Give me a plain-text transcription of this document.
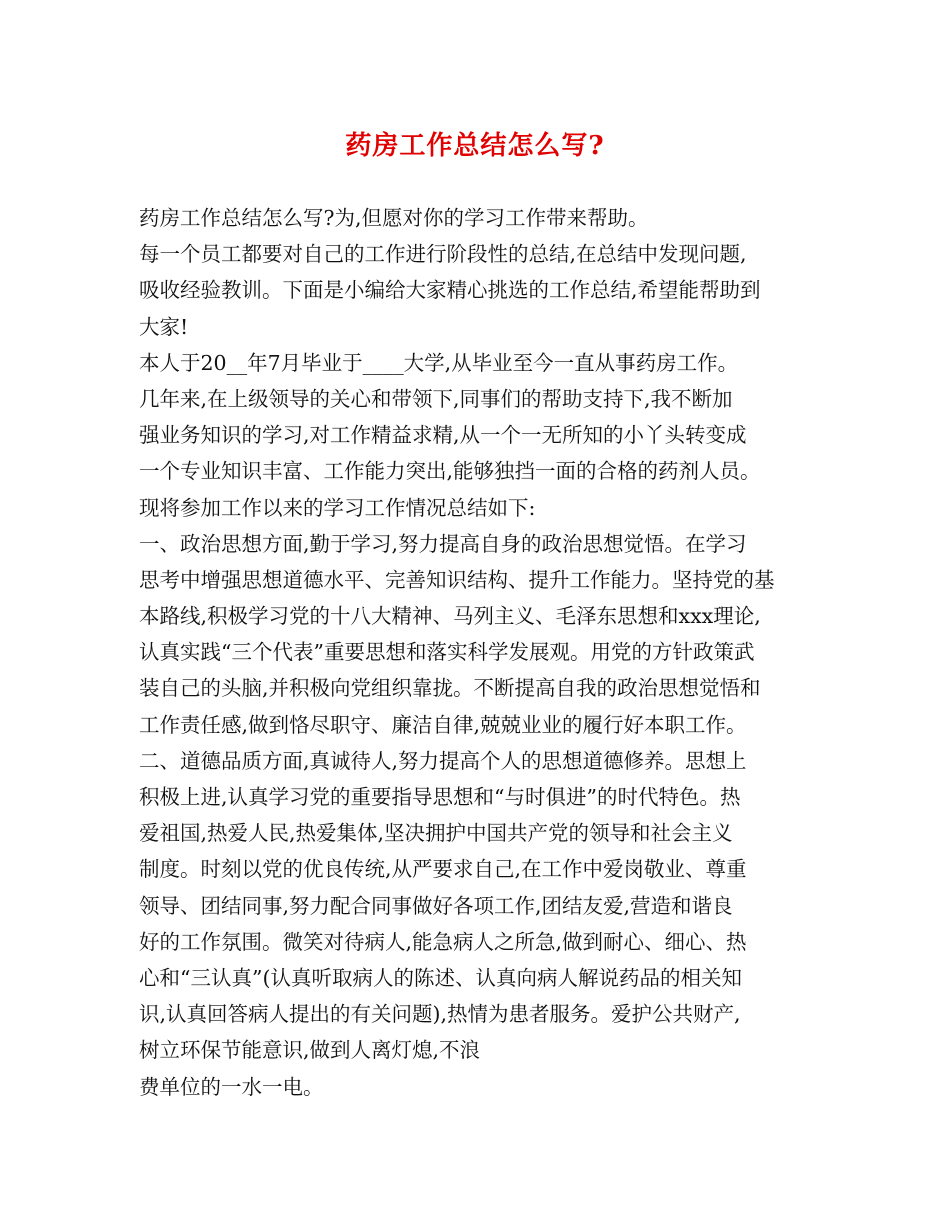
药房工作总结怎么写?
药房工作总结怎么写?为,但愿对你的学习工作带来帮助。
每一个员工都要对自己的工作进行阶段性的总结,在总结中发现问题,
吸收经验教训。下面是小编给大家精心挑选的工作总结,希望能帮助到
大家!
本人于20__年7月毕业于____大学,从毕业至今一直从事药房工作。
几年来,在上级领导的关心和带领下,同事们的帮助支持下,我不断加
强业务知识的学习,对工作精益求精,从一个一无所知的小丫头转变成
一个专业知识丰富、工作能力突出,能够独挡一面的合格的药剂人员。
现将参加工作以来的学习工作情况总结如下:
一、政治思想方面,勤于学习,努力提高自身的政治思想觉悟。在学习
思考中增强思想道德水平、完善知识结构、提升工作能力。坚持党的基
本路线,积极学习党的十八大精神、马列主义、毛泽东思想和xxx理论,
认真实践“三个代表”重要思想和落实科学发展观。用党的方针政策武
装自己的头脑,并积极向党组织靠拢。不断提高自我的政治思想觉悟和
工作责任感,做到恪尽职守、廉洁自律,兢兢业业的履行好本职工作。
二、道德品质方面,真诚待人,努力提高个人的思想道德修养。思想上
积极上进,认真学习党的重要指导思想和“与时俱进”的时代特色。热
爱祖国,热爱人民,热爱集体,坚决拥护中国共产党的领导和社会主义
制度。时刻以党的优良传统,从严要求自己,在工作中爱岗敬业、尊重
领导、团结同事,努力配合同事做好各项工作,团结友爱,营造和谐良
好的工作氛围。微笑对待病人,能急病人之所急,做到耐心、细心、热
心和“三认真”(认真听取病人的陈述、认真向病人解说药品的相关知
识,认真回答病人提出的有关问题),热情为患者服务。爱护公共财产,
树立环保节能意识,做到人离灯熄,不浪
费单位的一水一电。
